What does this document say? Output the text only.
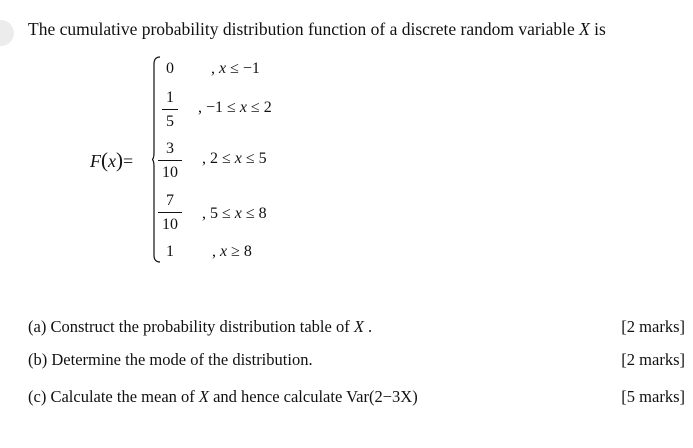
The cumulative probability distribution function of a discrete random variable X is
F(x)=
0	, x ≤ −1
1
5
, −1 ≤ x ≤ 2
3
10
, 2 ≤ x ≤ 5
7
10
, 5 ≤ x ≤ 8
1	, x ≥ 8
(a) Construct the probability distribution table of X .	[2 marks]
(b) Determine the mode of the distribution.	[2 marks]
(c) Calculate the mean of X and hence calculate Var(2−3X)	[5 marks]
